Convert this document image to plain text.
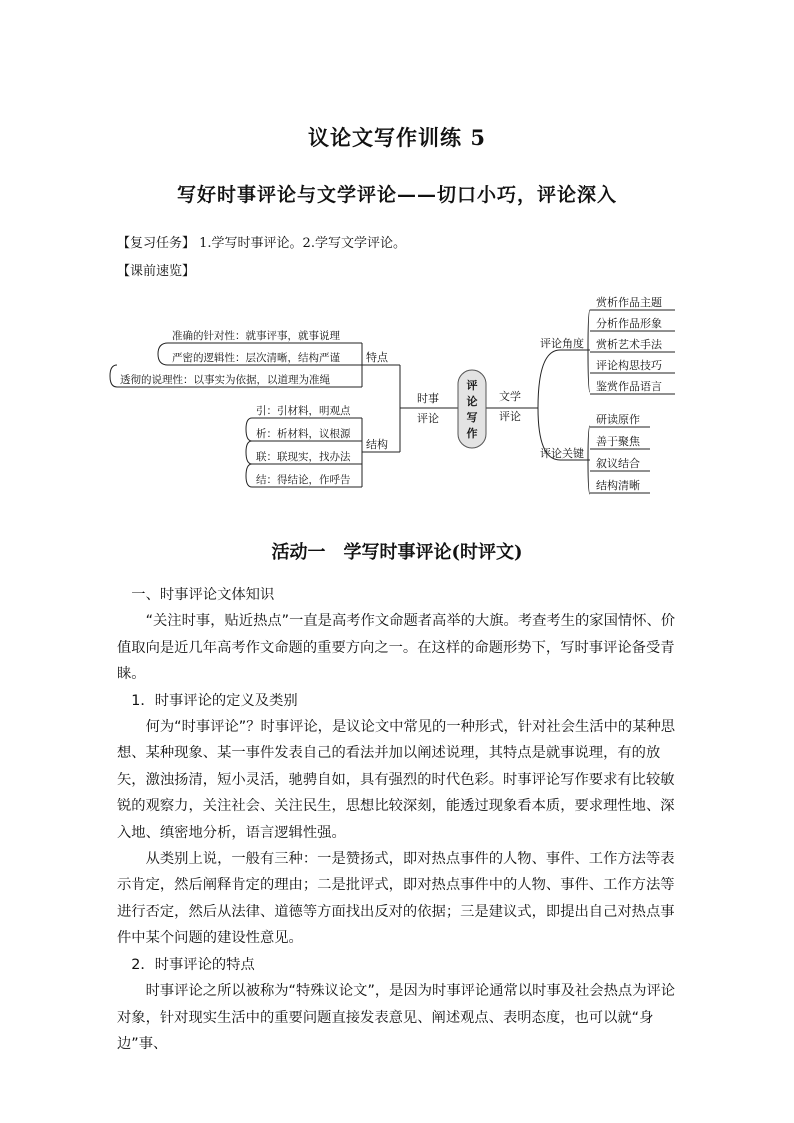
议论文写作训练 5
写好时事评论与文学评论——切口小巧，评论深入
【复习任务】 1.学写时事评论。2.学写文学评论。
【课前速览】
评
论
写
作
时事
评论
文学
评论
特点
准确的针对性：就事评事，就事说理
严密的逻辑性：层次清晰，结构严谨
透彻的说理性：以事实为依据，以道理为准绳
结构
引：引材料，明观点
析：析材料，议根源
联：联现实，找办法
结：得结论，作呼告
评论角度
赏析作品主题
分析作品形象
赏析艺术手法
评论构思技巧
鉴赏作品语言
评论关键
研读原作
善于聚焦
叙议结合
结构清晰
活动一　学写时事评论(时评文)

一、时事评论文体知识

“关注时事，贴近热点”一直是高考作文命题者高举的大旗。考查考生的家国情怀、价值取向是近几年高考作文命题的重要方向之一。在这样的命题形势下，写时事评论备受青睐。

1．时事评论的定义及类别

何为“时事评论”？时事评论，是议论文中常见的一种形式，针对社会生活中的某种思想、某种现象、某一事件发表自己的看法并加以阐述说理，其特点是就事说理，有的放矢，激浊扬清，短小灵活，驰骋自如，具有强烈的时代色彩。时事评论写作要求有比较敏锐的观察力，关注社会、关注民生，思想比较深刻，能透过现象看本质，要求理性地、深入地、缜密地分析，语言逻辑性强。

从类别上说，一般有三种：一是赞扬式，即对热点事件的人物、事件、工作方法等表示肯定，然后阐释肯定的理由；二是批评式，即对热点事件中的人物、事件、工作方法等进行否定，然后从法律、道德等方面找出反对的依据；三是建议式，即提出自己对热点事件中某个问题的建设性意见。

2．时事评论的特点

时事评论之所以被称为“特殊议论文”，是因为时事评论通常以时事及社会热点为评论对象，针对现实生活中的重要问题直接发表意见、阐述观点、表明态度，也可以就“身边”事、
